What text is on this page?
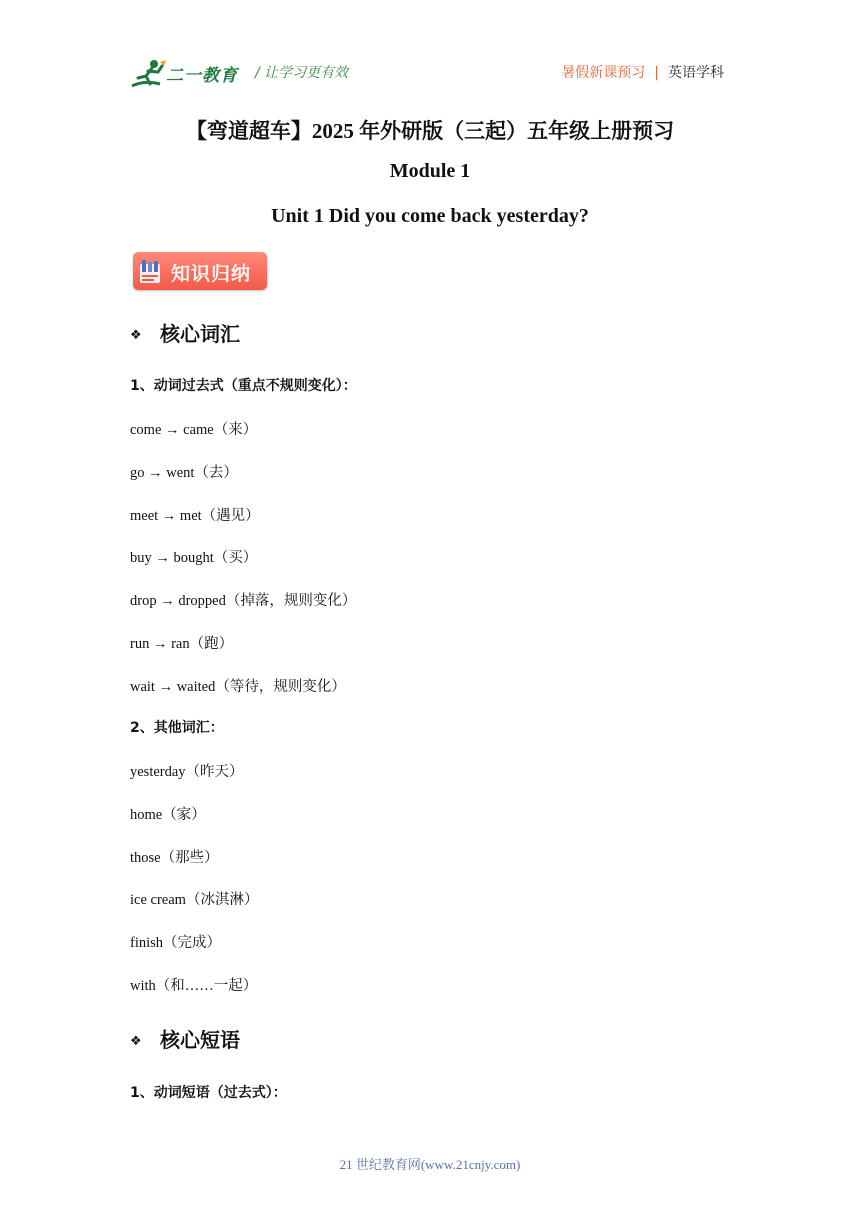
二一教育 / 让学习更有效	暑假新课预习 | 英语学科
【弯道超车】2025 年外研版（三起）五年级上册预习
Module 1
Unit 1 Did you come back yesterday?
知识归纳
❖ 核心词汇
1、动词过去式（重点不规则变化）：
come → came（来）
go → went（去）
meet → met（遇见）
buy → bought（买）
drop → dropped（掉落，规则变化）
run → ran（跑）
wait → waited（等待，规则变化）
2、其他词汇：
yesterday（昨天）
home（家）
those（那些）
ice cream（冰淇淋）
finish（完成）
with（和……一起）
❖ 核心短语
1、动词短语（过去式）：
21 世纪教育网(www.21cnjy.com)
